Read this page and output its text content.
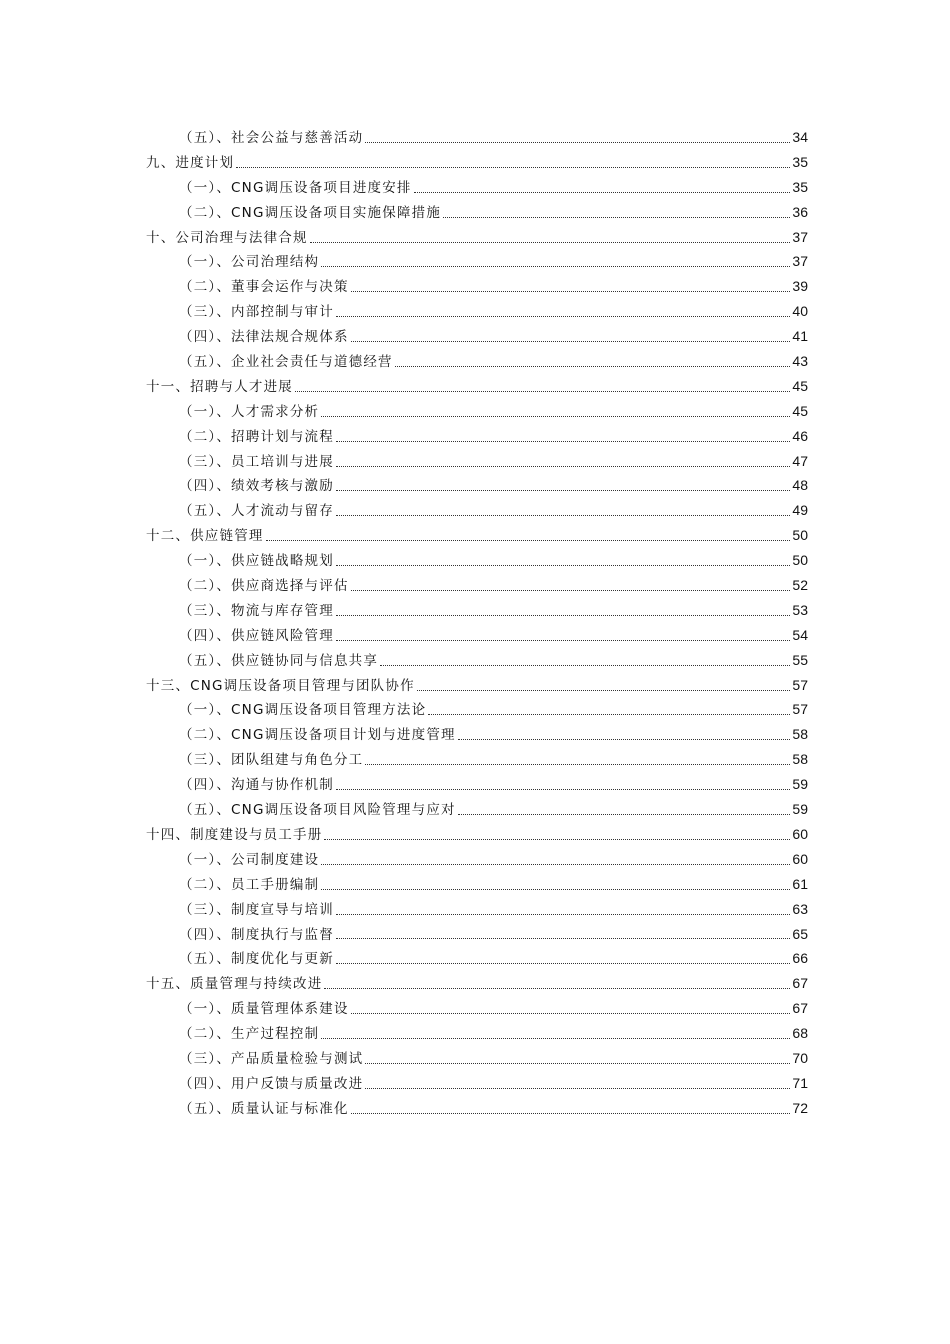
（五）、社会公益与慈善活动	34
九、进度计划	35
（一）、CNG调压设备项目进度安排	35
（二）、CNG调压设备项目实施保障措施	36
十、公司治理与法律合规	37
（一）、公司治理结构	37
（二）、董事会运作与决策	39
（三）、内部控制与审计	40
（四）、法律法规合规体系	41
（五）、企业社会责任与道德经营	43
十一、招聘与人才进展	45
（一）、人才需求分析	45
（二）、招聘计划与流程	46
（三）、员工培训与进展	47
（四）、绩效考核与激励	48
（五）、人才流动与留存	49
十二、供应链管理	50
（一）、供应链战略规划	50
（二）、供应商选择与评估	52
（三）、物流与库存管理	53
（四）、供应链风险管理	54
（五）、供应链协同与信息共享	55
十三、CNG调压设备项目管理与团队协作	57
（一）、CNG调压设备项目管理方法论	57
（二）、CNG调压设备项目计划与进度管理	58
（三）、团队组建与角色分工	58
（四）、沟通与协作机制	59
（五）、CNG调压设备项目风险管理与应对	59
十四、制度建设与员工手册	60
（一）、公司制度建设	60
（二）、员工手册编制	61
（三）、制度宣导与培训	63
（四）、制度执行与监督	65
（五）、制度优化与更新	66
十五、质量管理与持续改进	67
（一）、质量管理体系建设	67
（二）、生产过程控制	68
（三）、产品质量检验与测试	70
（四）、用户反馈与质量改进	71
（五）、质量认证与标准化	72
